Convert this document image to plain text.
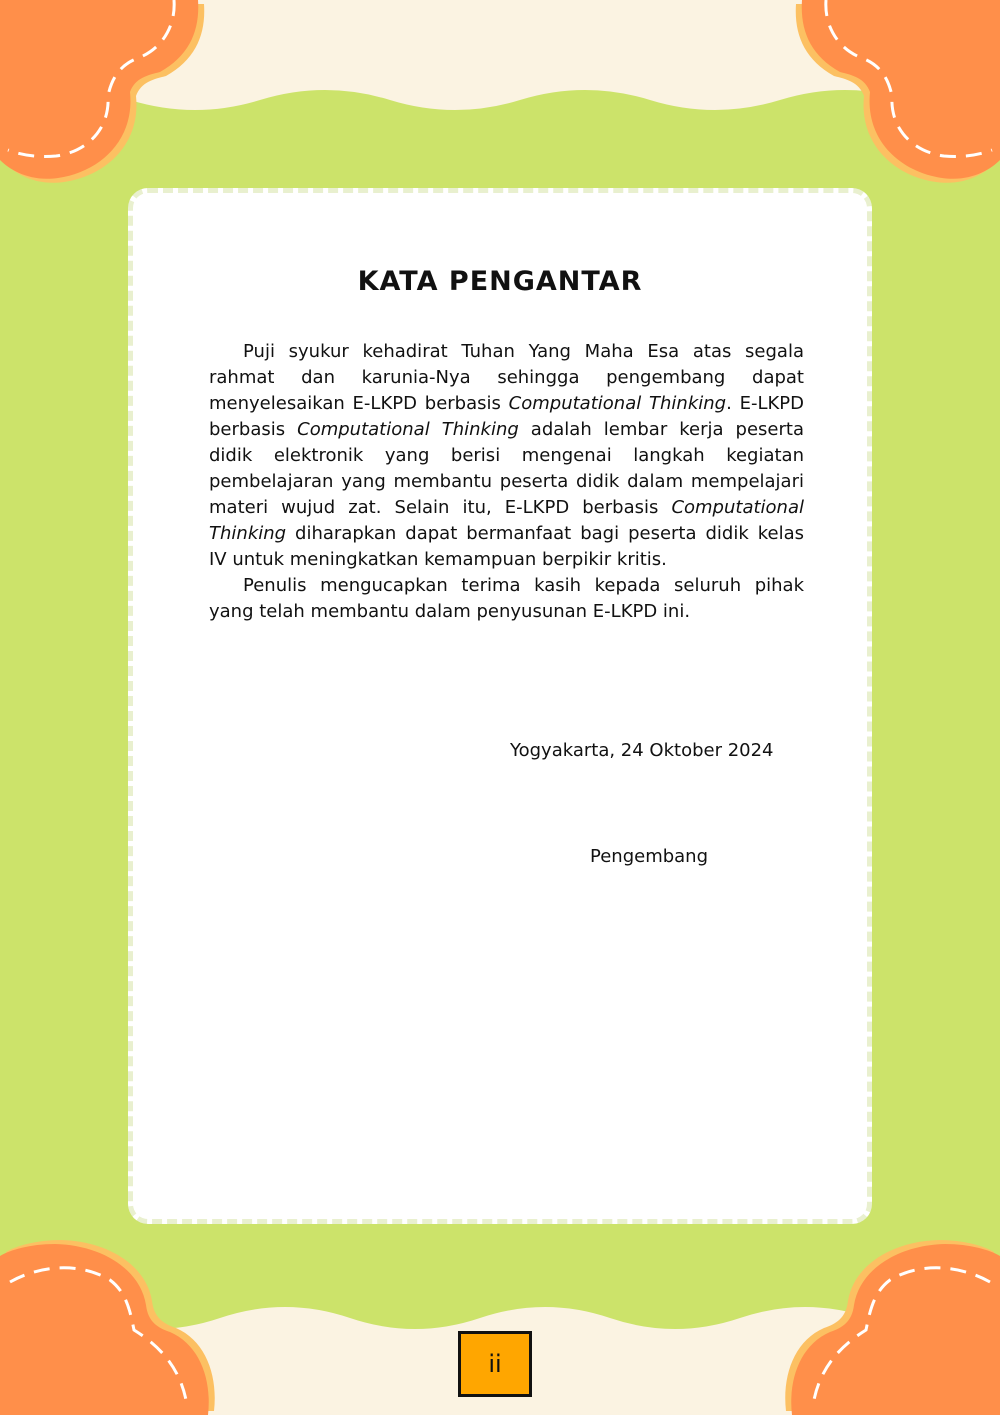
KATA PENGANTAR

Puji syukur kehadirat Tuhan Yang Maha Esa atas segala rahmat dan karunia-Nya sehingga pengembang dapat menyelesaikan E-LKPD berbasis Computational Thinking. E-LKPD berbasis Computational Thinking adalah lembar kerja peserta didik elektronik yang berisi mengenai langkah kegiatan pembelajaran yang membantu peserta didik dalam mempelajari materi wujud zat. Selain itu, E-LKPD berbasis Computational Thinking diharapkan dapat bermanfaat bagi peserta didik kelas IV untuk meningkatkan kemampuan berpikir kritis.

Penulis mengucapkan terima kasih kepada seluruh pihak yang telah membantu dalam penyusunan E-LKPD ini.

Yogyakarta, 24 Oktober 2024
Pengembang
ii
